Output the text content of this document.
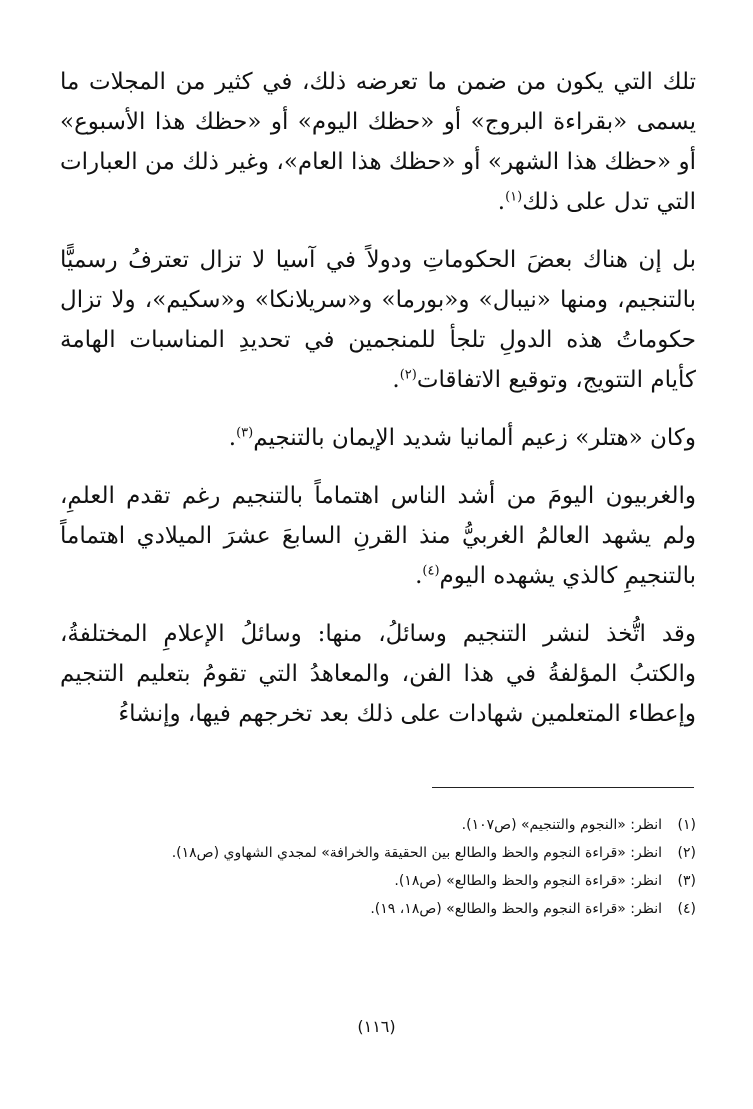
تلك التي يكون من ضمن ما تعرضه ذلك، في كثير من المجلات ما يسمى «بقراءة البروج» أو «حظك اليوم» أو «حظك هذا الأسبوع» أو «حظك هذا الشهر» أو «حظك هذا العام»، وغير ذلك من العبارات التي تدل على ذلك$^{(١)}$.

بل إن هناك بعضَ الحكوماتِ ودولاً في آسيا لا تزال تعترفُ رسميًّا بالتنجيم، ومنها «نيبال» و«بورما» و«سريلانكا» و«سكيم»، ولا تزال حكوماتُ هذه الدولِ تلجأ للمنجمين في تحديدِ المناسبات الهامة كأيام التتويج، وتوقيع الاتفاقات$^{(٢)}$.

وكان «هتلر» زعيم ألمانيا شديد الإيمان بالتنجيم$^{(٣)}$.

والغربيون اليومَ من أشد الناس اهتماماً بالتنجيم رغم تقدم العلمِ، ولم يشهد العالمُ الغربيُّ منذ القرنِ السابعَ عشرَ الميلادي اهتماماً بالتنجيمِ كالذي يشهده اليوم$^{(٤)}$.

وقد اتُّخذ لنشر التنجيم وسائلُ، منها: وسائلُ الإعلامِ المختلفةُ، والكتبُ المؤلفةُ في هذا الفن، والمعاهدُ التي تقومُ بتعليم التنجيم وإعطاء المتعلمين شهادات على ذلك بعد تخرجهم فيها، وإنشاءُ

(١)
انظر: «النجوم والتنجيم» (ص١٠٧).
(٢)
انظر: «قراءة النجوم والحظ والطالع بين الحقيقة والخرافة» لمجدي الشهاوي (ص١٨).
(٣)
انظر: «قراءة النجوم والحظ والطالع» (ص١٨).
(٤)
انظر: «قراءة النجوم والحظ والطالع» (ص١٨، ١٩).
(١١٦)
